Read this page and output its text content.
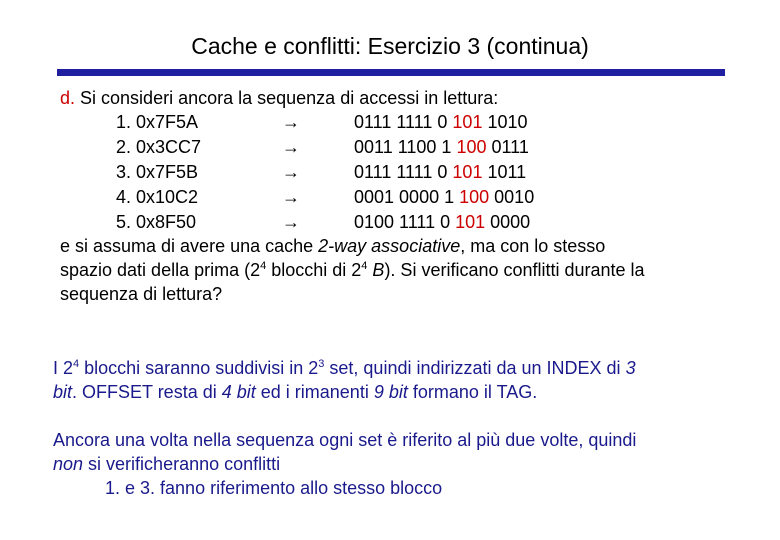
Cache e conflitti: Esercizio 3 (continua)
d. Si consideri ancora la sequenza di accessi in lettura:
1. 0x7F5A	→	0111 1111 0 101 1010
2. 0x3CC7	→	0011 1100 1 100 0111
3. 0x7F5B	→	0111 1111 0 101 1011
4. 0x10C2	→	0001 0000 1 100 0010
5. 0x8F50	→	0100 1111 0 101 0000
e si assuma di avere una cache 2-way associative, ma con lo stesso
spazio dati della prima ($2^4$ blocchi di $2^4$ B). Si verificano conflitti durante la
sequenza di lettura?
I $2^4$ blocchi saranno suddivisi in $2^3$ set, quindi indirizzati da un INDEX di 3
bit. OFFSET resta di 4 bit ed i rimanenti 9 bit formano il TAG.
Ancora una volta nella sequenza ogni set è riferito al più due volte, quindi
non si verificheranno conflitti
1. e 3. fanno riferimento allo stesso blocco
